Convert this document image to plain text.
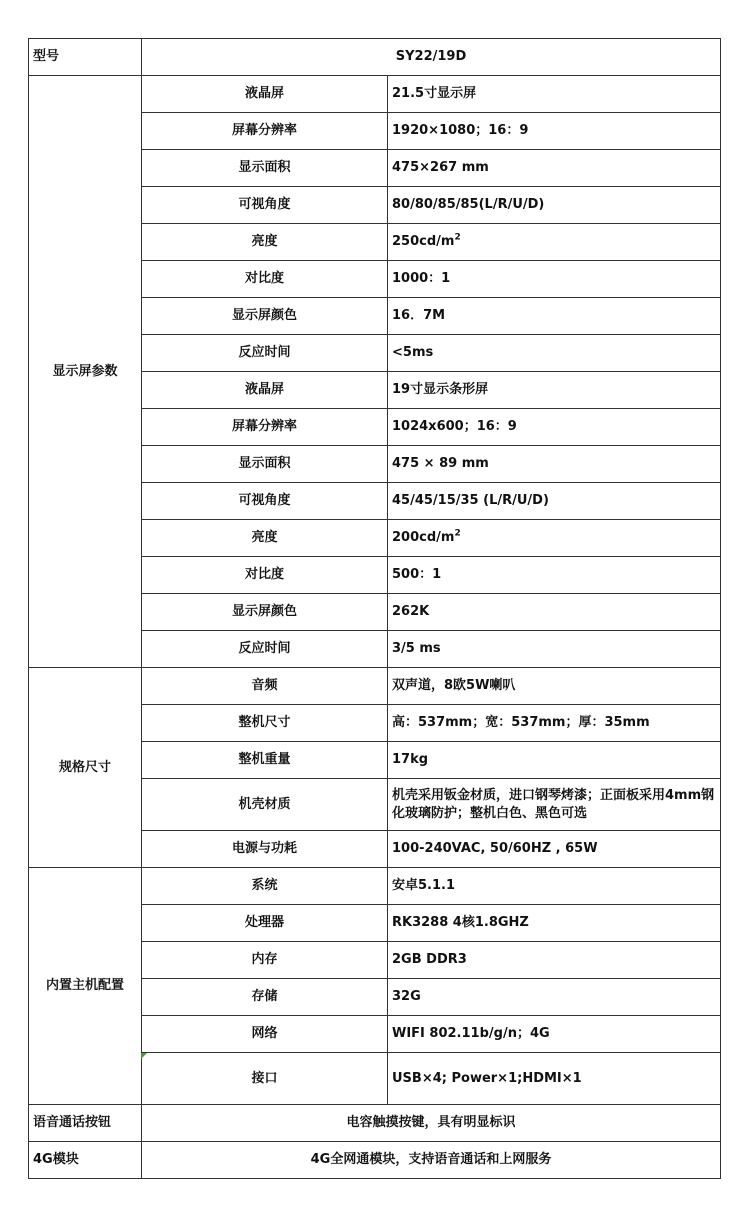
型号	SY22/19D	
显示屏参数	液晶屏	21.5寸显示屏
	屏幕分辨率	1920×1080；16：9
	显示面积	475×267 mm
	可视角度	80/80/85/85(L/R/U/D)
	亮度	$250cd/m^2$
	对比度	1000：1
	显示屏颜色	16．7M
	反应时间	<5ms
	液晶屏	19寸显示条形屏
	屏幕分辨率	1024x600；16：9
	显示面积	475 × 89 mm
	可视角度	45/45/15/35 (L/R/U/D)
	亮度	$200cd/m^2$
	对比度	500：1
	显示屏颜色	262K
	反应时间	3/5 ms
规格尺寸	音频	双声道，8欧5W喇叭
	整机尺寸	高：537mm；宽：537mm；厚：35mm
	整机重量	17kg
	机壳材质	机壳采用钣金材质，进口钢琴烤漆；正面板采用4mm钢化玻璃防护；整机白色、黑色可选
	电源与功耗	100-240VAC, 50/60HZ , 65W
内置主机配置	系统	安卓5.1.1
	处理器	RK3288 4核1.8GHZ
	内存	2GB DDR3
	存储	32G
	网络	WIFI 802.11b/g/n；4G
	接口	USB×4; Power×1;HDMI×1
语音通话按钮	电容触摸按键，具有明显标识	
4G模块	4G全网通模块，支持语音通话和上网服务	
